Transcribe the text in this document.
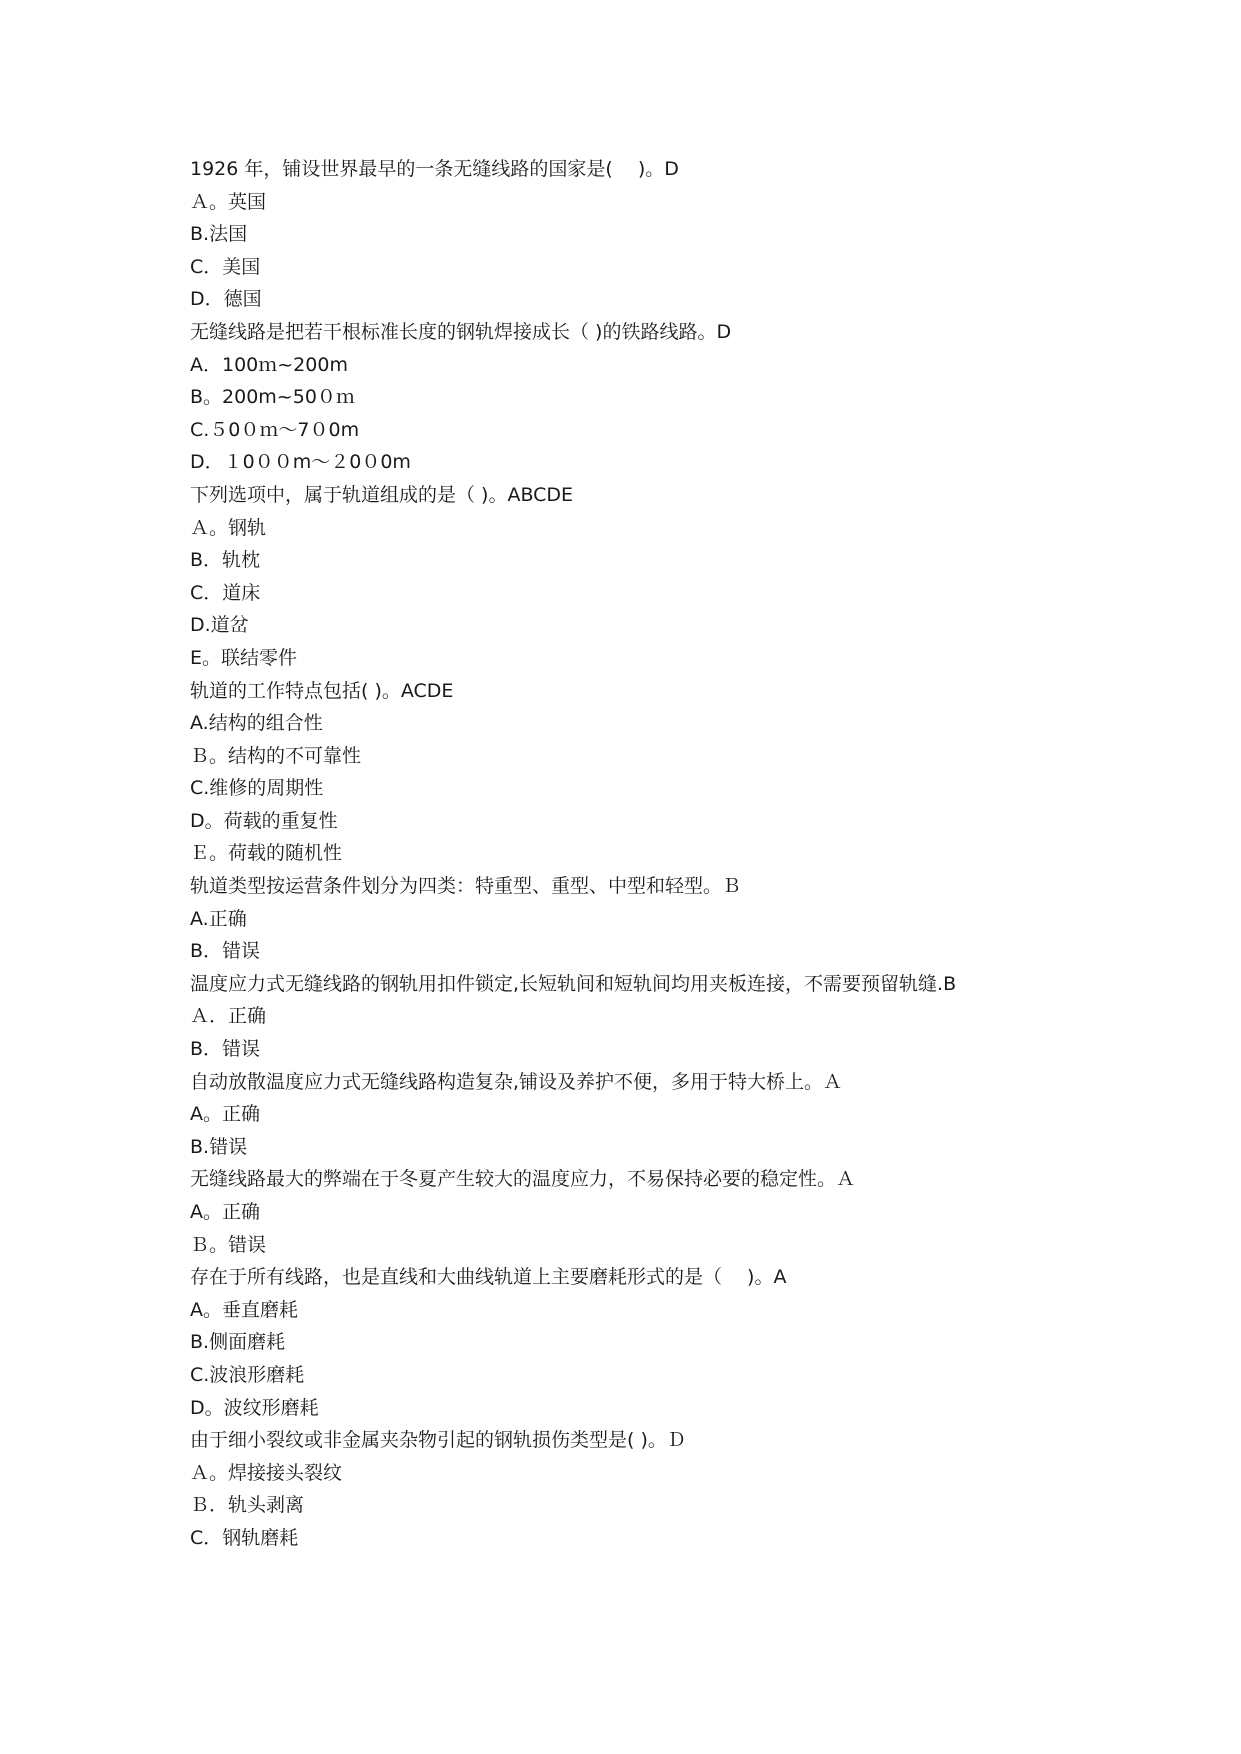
1926 年，铺设世界最早的一条无缝线路的国家是(　 )。D
Ａ。英国
B.法国
C．美国
D．德国
无缝线路是把若干根标准长度的钢轨焊接成长（ )的铁路线路。D
A．100ｍ~200m
B。200m~50０ｍ
C.５0０ｍ～7０0m
D．１0００m～２0０0m
下列选项中，属于轨道组成的是（ )。ABCDE
Ａ。钢轨
B．轨枕
C．道床
D.道岔
E。联结零件
轨道的工作特点包括( )。ACDE
A.结构的组合性
Ｂ。结构的不可靠性
C.维修的周期性
D。荷载的重复性
Ｅ。荷载的随机性
轨道类型按运营条件划分为四类：特重型、重型、中型和轻型。Ｂ
A.正确
B．错误
温度应力式无缝线路的钢轨用扣件锁定,长短轨间和短轨间均用夹板连接，不需要预留轨缝.B
Ａ．正确
B．错误
自动放散温度应力式无缝线路构造复杂,铺设及养护不便，多用于特大桥上。Ａ
A。正确
B.错误
无缝线路最大的弊端在于冬夏产生较大的温度应力，不易保持必要的稳定性。Ａ
A。正确
Ｂ。错误
存在于所有线路，也是直线和大曲线轨道上主要磨耗形式的是（　 )。A
A。垂直磨耗
B.侧面磨耗
C.波浪形磨耗
D。波纹形磨耗
由于细小裂纹或非金属夹杂物引起的钢轨损伤类型是( )。Ｄ
Ａ。焊接接头裂纹
Ｂ．轨头剥离
C．钢轨磨耗
